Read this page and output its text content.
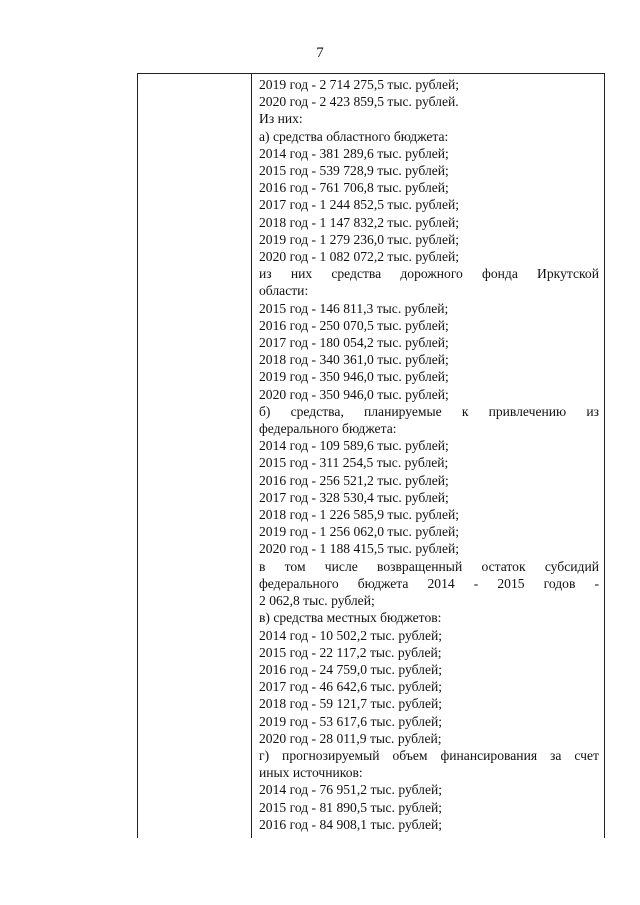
7
2019 год - 2 714 275,5 тыс. рублей;
2020 год - 2 423 859,5 тыс. рублей.
Из них:
а) средства областного бюджета:
2014 год - 381 289,6 тыс. рублей;
2015 год - 539 728,9 тыс. рублей;
2016 год - 761 706,8 тыс. рублей;
2017 год - 1 244 852,5 тыс. рублей;
2018 год - 1 147 832,2 тыс. рублей;
2019 год - 1 279 236,0 тыс. рублей;
2020 год - 1 082 072,2 тыс. рублей;
из них средства дорожного фонда Иркутской
области:
2015 год - 146 811,3 тыс. рублей;
2016 год - 250 070,5 тыс. рублей;
2017 год - 180 054,2 тыс. рублей;
2018 год - 340 361,0 тыс. рублей;
2019 год - 350 946,0 тыс. рублей;
2020 год - 350 946,0 тыс. рублей;
б) средства, планируемые к привлечению из
федерального бюджета:
2014 год - 109 589,6 тыс. рублей;
2015 год - 311 254,5 тыс. рублей;
2016 год - 256 521,2 тыс. рублей;
2017 год - 328 530,4 тыс. рублей;
2018 год - 1 226 585,9 тыс. рублей;
2019 год - 1 256 062,0 тыс. рублей;
2020 год - 1 188 415,5 тыс. рублей;
в том числе возвращенный остаток субсидий
федерального бюджета 2014 - 2015 годов -
2 062,8 тыс. рублей;
в) средства местных бюджетов:
2014 год - 10 502,2 тыс. рублей;
2015 год - 22 117,2 тыс. рублей;
2016 год - 24 759,0 тыс. рублей;
2017 год - 46 642,6 тыс. рублей;
2018 год - 59 121,7 тыс. рублей;
2019 год - 53 617,6 тыс. рублей;
2020 год - 28 011,9 тыс. рублей;
г) прогнозируемый объем финансирования за счет
иных источников:
2014 год - 76 951,2 тыс. рублей;
2015 год - 81 890,5 тыс. рублей;
2016 год - 84 908,1 тыс. рублей;
